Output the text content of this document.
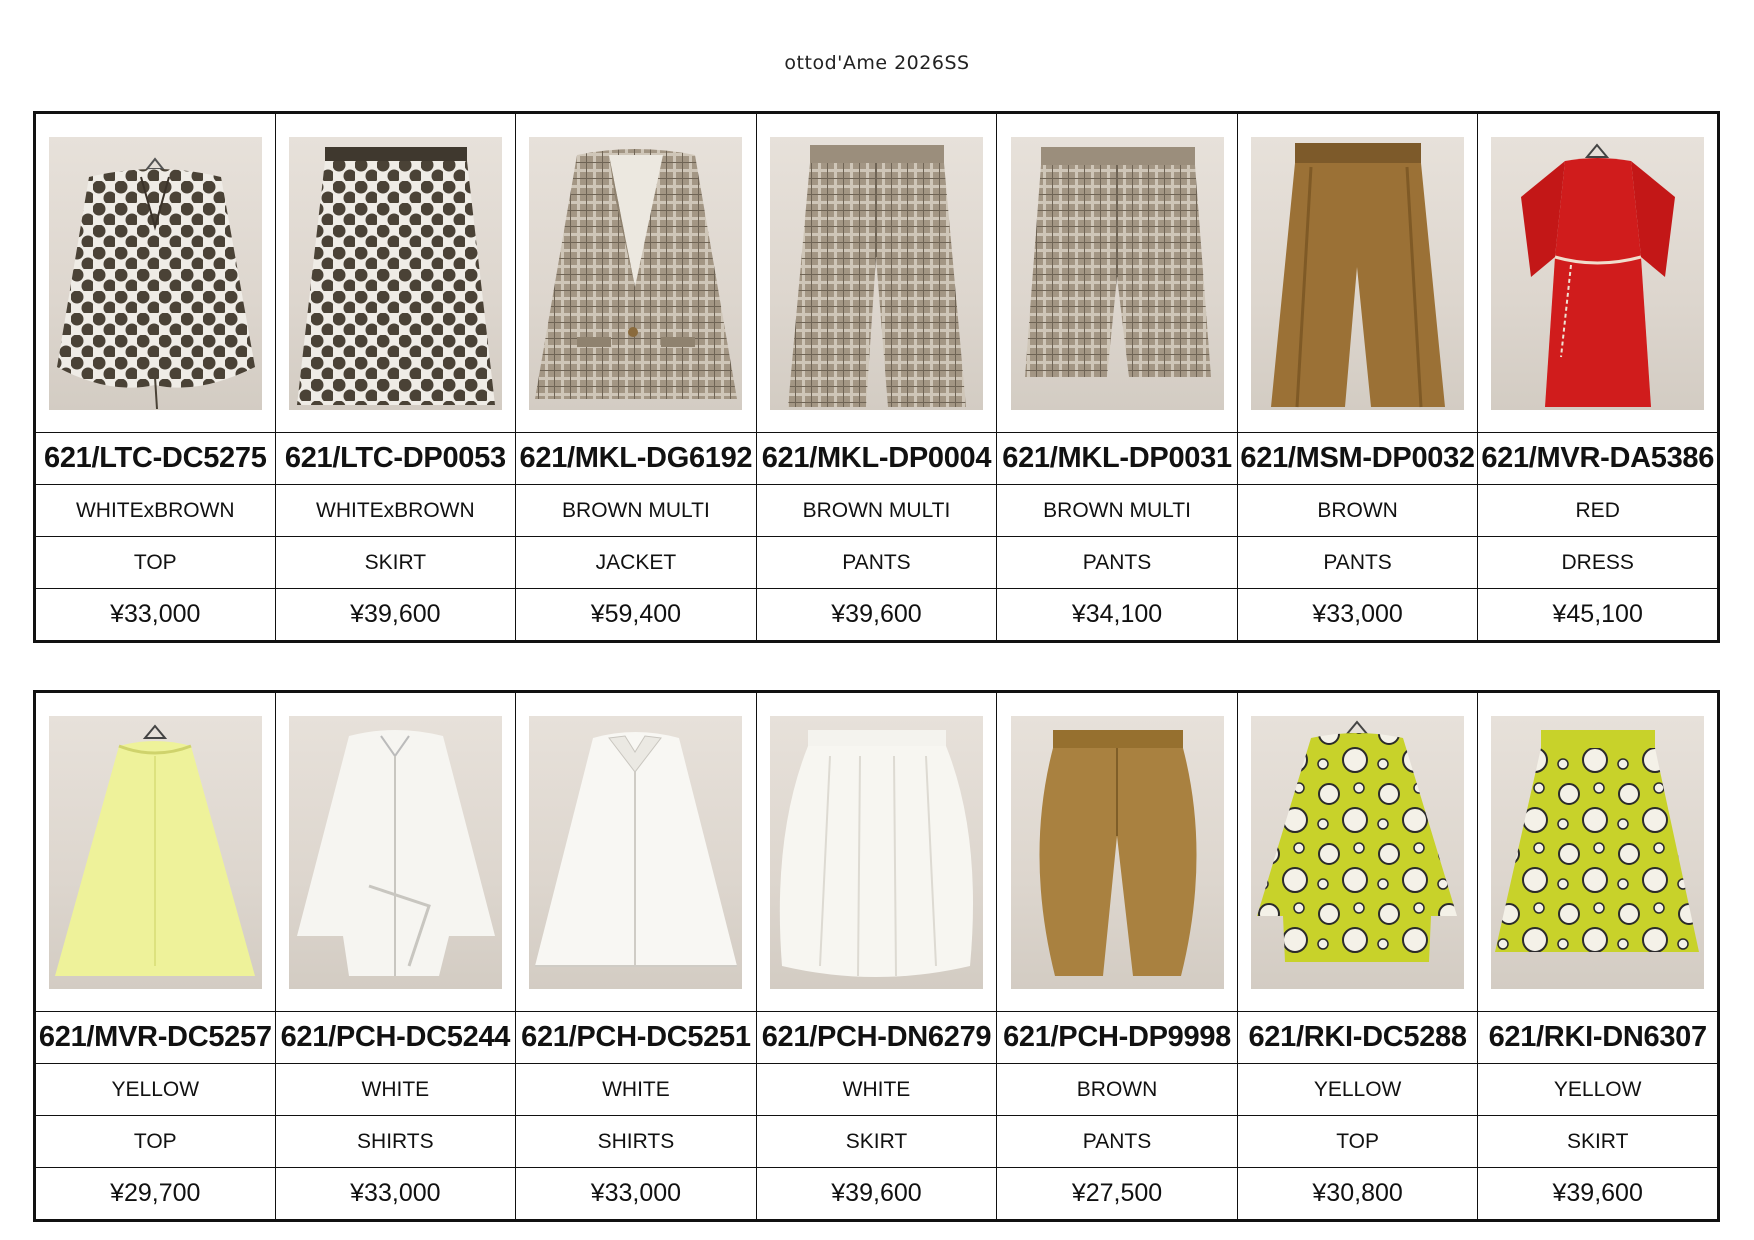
ottod'Ame 2026SS

621/LTC-DC5275	621/LTC-DP0053	621/MKL-DG6192	621/MKL-DP0004	621/MKL-DP0031	621/MSM-DP0032	621/MVR-DA5386
WHITExBROWN	WHITExBROWN	BROWN MULTI	BROWN MULTI	BROWN MULTI	BROWN	RED
TOP	SKIRT	JACKET	PANTS	PANTS	PANTS	DRESS
¥33,000	¥39,600	¥59,400	¥39,600	¥34,100	¥33,000	¥45,100

621/MVR-DC5257	621/PCH-DC5244	621/PCH-DC5251	621/PCH-DN6279	621/PCH-DP9998	621/RKI-DC5288	621/RKI-DN6307
YELLOW	WHITE	WHITE	WHITE	BROWN	YELLOW	YELLOW
TOP	SHIRTS	SHIRTS	SKIRT	PANTS	TOP	SKIRT
¥29,700	¥33,000	¥33,000	¥39,600	¥27,500	¥30,800	¥39,600
